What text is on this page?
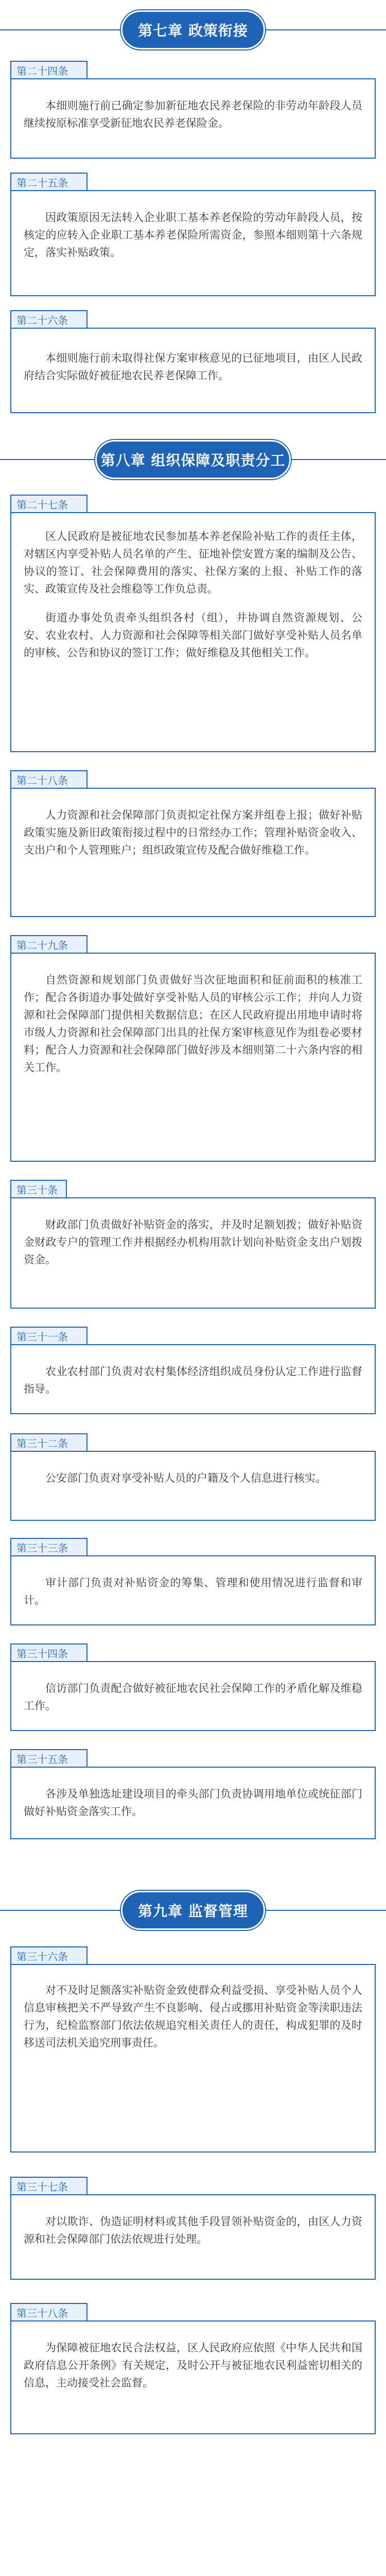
第七章 政策衔接
第二十四条

本细则施行前已确定参加新征地农民养老保险的非劳动年龄段人员继续按原标准享受新征地农民养老保险金。

第二十五条

因政策原因无法转入企业职工基本养老保险的劳动年龄段人员，按核定的应转入企业职工基本养老保险所需资金，参照本细则第十六条规定，落实补贴政策。

第二十六条

本细则施行前未取得社保方案审核意见的已征地项目，由区人民政府结合实际做好被征地农民养老保障工作。

第八章 组织保障及职责分工
第二十七条

区人民政府是被征地农民参加基本养老保险补贴工作的责任主体，对辖区内享受补贴人员名单的产生、征地补偿安置方案的编制及公告、协议的签订、社会保障费用的落实、社保方案的上报、补贴工作的落实、政策宣传及社会维稳等工作负总责。

街道办事处负责牵头组织各村（组），井协调自然资源规划、公安、农业农村、人力资源和社会保障等相关部门做好享受补贴人员名单的审核、公告和协议的签订工作；做好维稳及其他相关工作。

第二十八条

人力资源和社会保障部门负责拟定社保方案并组卷上报；做好补贴政策实施及新旧政策衔接过程中的日常经办工作；管理补贴资金收入、支出户和个人管理账户；组织政策宣传及配合做好维稳工作。

第二十九条

自然资源和规划部门负责做好当次征地面积和征前面积的核准工作；配合各街道办事处做好享受补贴人员的审核公示工作；并向人力资源和社会保障部门提供相关数据信息；在区人民政府提出用地申请时将市级人力资源和社会保障部门出具的社保方案审核意见作为组卷必要材料；配合人力资源和社会保障部门做好涉及本细则第二十六条内容的相关工作。

第三十条

财政部门负责做好补贴资金的落实，并及时足额划拨；做好补贴资金财政专户的管理工作并根据经办机构用款计划向补贴资金支出户划拨资金。

第三十一条

农业农村部门负责对农村集体经济组织成员身份认定工作进行监督指导。

第三十二条

公安部门负责对享受补贴人员的户籍及个人信息进行核实。

第三十三条

审计部门负责对补贴资金的筹集、管理和使用情况进行监督和审计。

第三十四条

信访部门负责配合做好被征地农民社会保障工作的矛盾化解及维稳工作。

第三十五条

各涉及单独选址建设项目的牵头部门负责协调用地单位或统征部门做好补贴资金落实工作。

第九章 监督管理
第三十六条

对不及时足额落实补贴资金致使群众利益受损、享受补贴人员个人信息审核把关不严导致产生不良影响、侵占或挪用补贴资金等渎职违法行为，纪检监察部门依法依规追究相关责任人的责任，构成犯罪的及时移送司法机关追究刑事责任。

第三十七条

对以欺诈、伪造证明材料或其他手段冒领补贴资金的，由区人力资源和社会保障部门依法依规进行处理。

第三十八条

为保障被征地农民合法权益，区人民政府应依照《中华人民共和国政府信息公开条例》有关规定，及时公开与被征地农民利益密切相关的信息，主动接受社会监督。
